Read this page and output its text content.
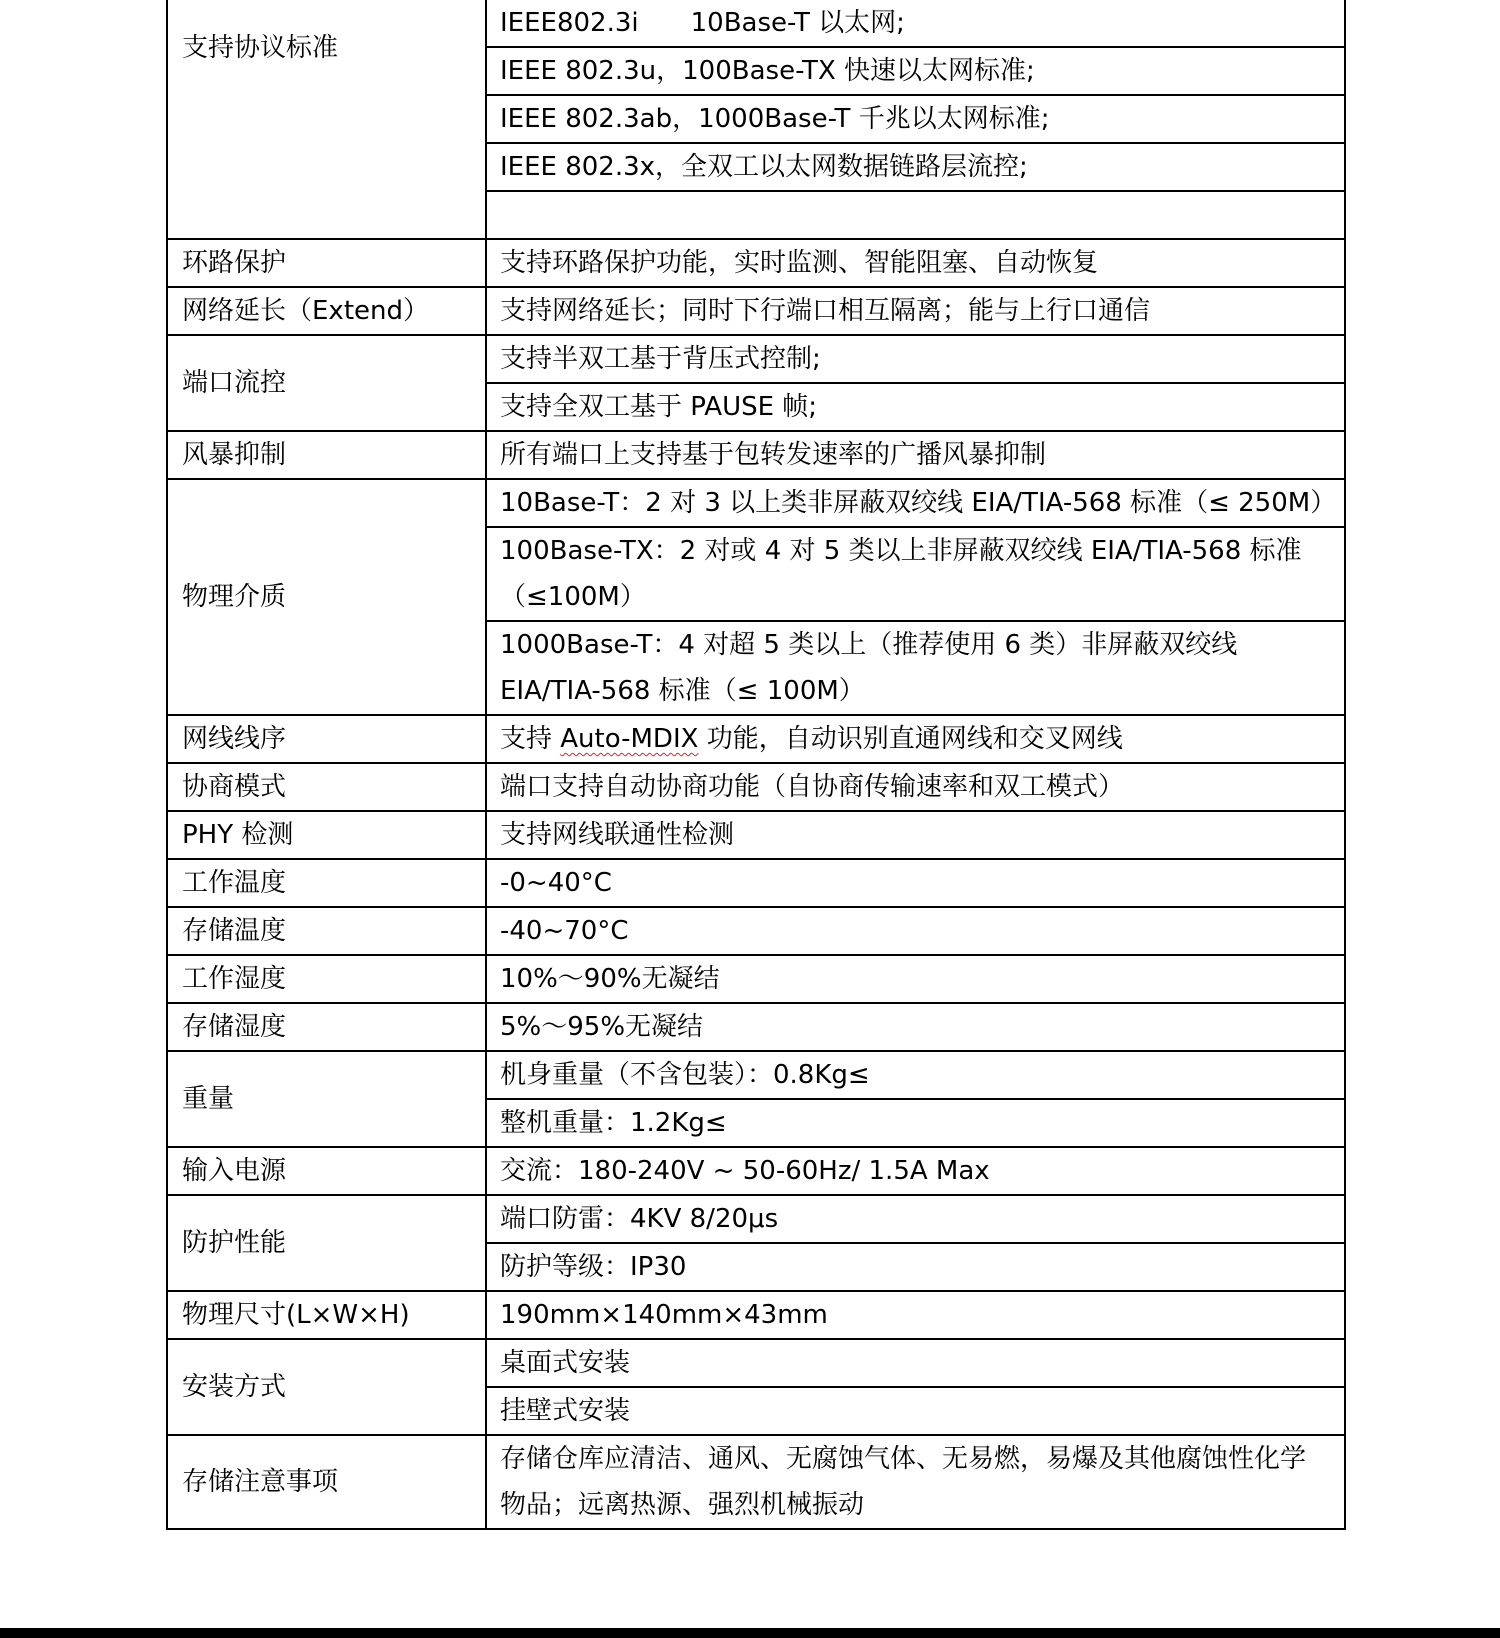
支持协议标准	IEEE802.3i　　10Base-T 以太网;
	IEEE 802.3u，100Base-TX 快速以太网标准;
	IEEE 802.3ab，1000Base-T 千兆以太网标准;
	IEEE 802.3x，全双工以太网数据链路层流控;

环路保护	支持环路保护功能，实时监测、智能阻塞、自动恢复
网络延长（Extend）	支持网络延长；同时下行端口相互隔离；能与上行口通信
端口流控	支持半双工基于背压式控制;
	支持全双工基于 PAUSE 帧;
风暴抑制	所有端口上支持基于包转发速率的广播风暴抑制
物理介质	10Base-T：2 对 3 以上类非屏蔽双绞线 EIA/TIA-568 标准（≤ 250M）
	100Base-TX：2 对或 4 对 5 类以上非屏蔽双绞线 EIA/TIA-568 标准（≤100M）
	1000Base-T：4 对超 5 类以上（推荐使用 6 类）非屏蔽双绞线 EIA/TIA-568 标准（≤ 100M）
网线线序	支持 Auto-MDIX 功能，自动识别直通网线和交叉网线
协商模式	端口支持自动协商功能（自协商传输速率和双工模式）
PHY 检测	支持网线联通性检测
工作温度	-0~40°C
存储温度	-40~70°C
工作湿度	10%～90%无凝结
存储湿度	5%～95%无凝结
重量	机身重量（不含包装）：0.8Kg≤
	整机重量：1.2Kg≤
输入电源	交流：180-240V ~ 50-60Hz/ 1.5A Max
防护性能	端口防雷：4KV 8/20μs
	防护等级：IP30
物理尺寸(L×W×H)	190mm×140mm×43mm
安装方式	桌面式安装
	挂壁式安装
存储注意事项	存储仓库应清洁、通风、无腐蚀气体、无易燃，易爆及其他腐蚀性化学物品；远离热源、强烈机械振动
